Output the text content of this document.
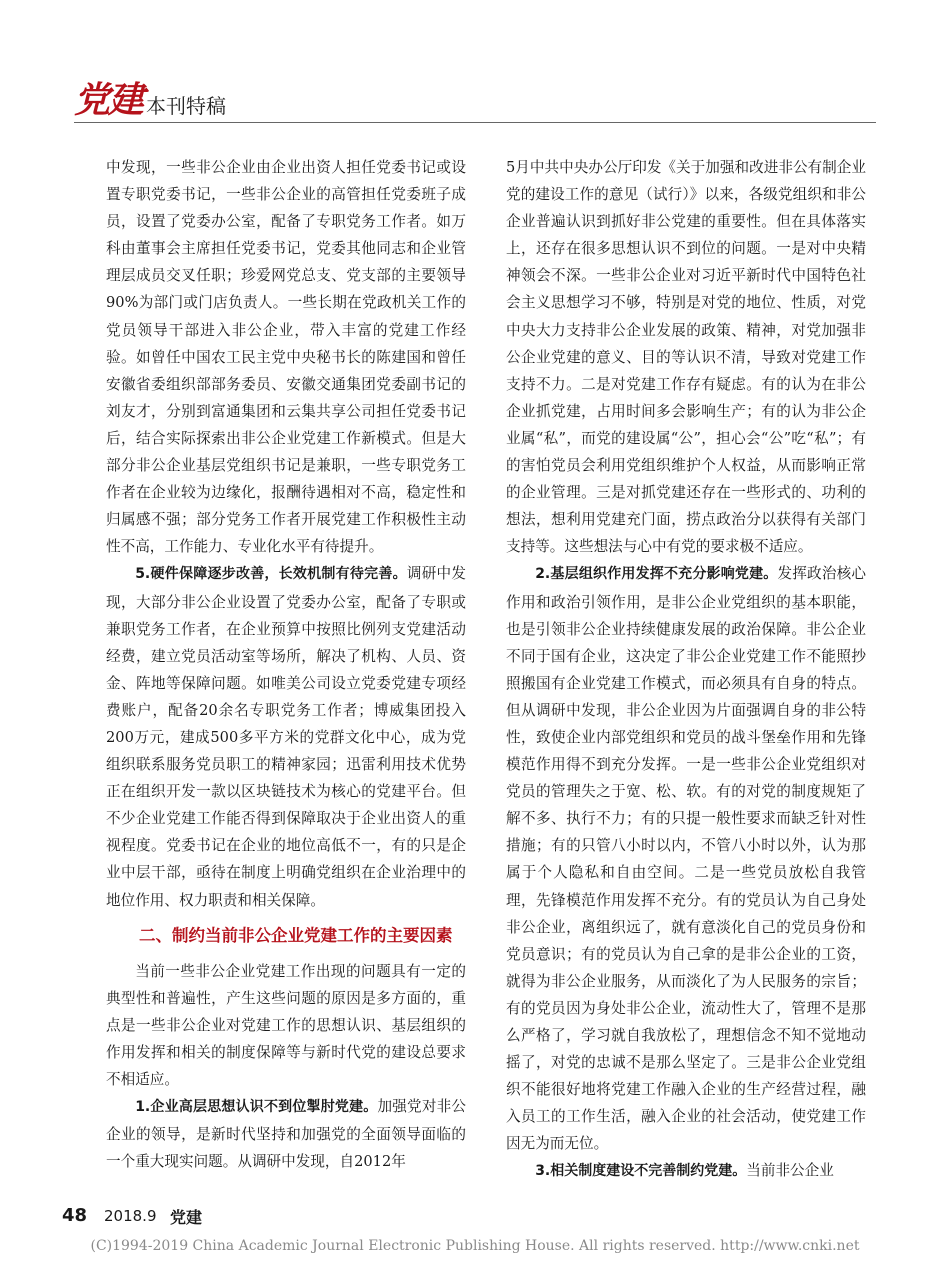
党建 本刊特稿

中发现，一些非公企业由企业出资人担任党委书记或设置专职党委书记，一些非公企业的高管担任党委班子成员，设置了党委办公室，配备了专职党务工作者。如万科由董事会主席担任党委书记，党委其他同志和企业管理层成员交叉任职；珍爱网党总支、党支部的主要领导90%为部门或门店负责人。一些长期在党政机关工作的党员领导干部进入非公企业，带入丰富的党建工作经验。如曾任中国农工民主党中央秘书长的陈建国和曾任安徽省委组织部部务委员、安徽交通集团党委副书记的刘友才，分别到富通集团和云集共享公司担任党委书记后，结合实际探索出非公企业党建工作新模式。但是大部分非公企业基层党组织书记是兼职，一些专职党务工作者在企业较为边缘化，报酬待遇相对不高，稳定性和归属感不强；部分党务工作者开展党建工作积极性主动性不高，工作能力、专业化水平有待提升。

5.硬件保障逐步改善，长效机制有待完善。调研中发现，大部分非公企业设置了党委办公室，配备了专职或兼职党务工作者，在企业预算中按照比例列支党建活动经费，建立党员活动室等场所，解决了机构、人员、资金、阵地等保障问题。如唯美公司设立党委党建专项经费账户，配备20余名专职党务工作者；博威集团投入200万元，建成500多平方米的党群文化中心，成为党组织联系服务党员职工的精神家园；迅雷利用技术优势正在组织开发一款以区块链技术为核心的党建平台。但不少企业党建工作能否得到保障取决于企业出资人的重视程度。党委书记在企业的地位高低不一，有的只是企业中层干部，亟待在制度上明确党组织在企业治理中的地位作用、权力职责和相关保障。

二、制约当前非公企业党建工作的主要因素

当前一些非公企业党建工作出现的问题具有一定的典型性和普遍性，产生这些问题的原因是多方面的，重点是一些非公企业对党建工作的思想认识、基层组织的作用发挥和相关的制度保障等与新时代党的建设总要求不相适应。

1.企业高层思想认识不到位掣肘党建。加强党对非公企业的领导，是新时代坚持和加强党的全面领导面临的一个重大现实问题。从调研中发现，自2012年

5月中共中央办公厅印发《关于加强和改进非公有制企业党的建设工作的意见（试行）》以来，各级党组织和非公企业普遍认识到抓好非公党建的重要性。但在具体落实上，还存在很多思想认识不到位的问题。一是对中央精神领会不深。一些非公企业对习近平新时代中国特色社会主义思想学习不够，特别是对党的地位、性质，对党中央大力支持非公企业发展的政策、精神，对党加强非公企业党建的意义、目的等认识不清，导致对党建工作支持不力。二是对党建工作存有疑虑。有的认为在非公企业抓党建，占用时间多会影响生产；有的认为非公企业属“私”，而党的建设属“公”，担心会“公”吃“私”；有的害怕党员会利用党组织维护个人权益，从而影响正常的企业管理。三是对抓党建还存在一些形式的、功利的想法，想利用党建充门面，捞点政治分以获得有关部门支持等。这些想法与心中有党的要求极不适应。

2.基层组织作用发挥不充分影响党建。发挥政治核心作用和政治引领作用，是非公企业党组织的基本职能，也是引领非公企业持续健康发展的政治保障。非公企业不同于国有企业，这决定了非公企业党建工作不能照抄照搬国有企业党建工作模式，而必须具有自身的特点。但从调研中发现，非公企业因为片面强调自身的非公特性，致使企业内部党组织和党员的战斗堡垒作用和先锋模范作用得不到充分发挥。一是一些非公企业党组织对党员的管理失之于宽、松、软。有的对党的制度规矩了解不多、执行不力；有的只提一般性要求而缺乏针对性措施；有的只管八小时以内，不管八小时以外，认为那属于个人隐私和自由空间。二是一些党员放松自我管理，先锋模范作用发挥不充分。有的党员认为自己身处非公企业，离组织远了，就有意淡化自己的党员身份和党员意识；有的党员认为自己拿的是非公企业的工资，就得为非公企业服务，从而淡化了为人民服务的宗旨；有的党员因为身处非公企业，流动性大了，管理不是那么严格了，学习就自我放松了，理想信念不知不觉地动摇了，对党的忠诚不是那么坚定了。三是非公企业党组织不能很好地将党建工作融入企业的生产经营过程，融入员工的工作生活，融入企业的社会活动，使党建工作因无为而无位。

3.相关制度建设不完善制约党建。当前非公企业

48 2018.9 党建
(C)1994-2019 China Academic Journal Electronic Publishing House. All rights reserved. http://www.cnki.net
